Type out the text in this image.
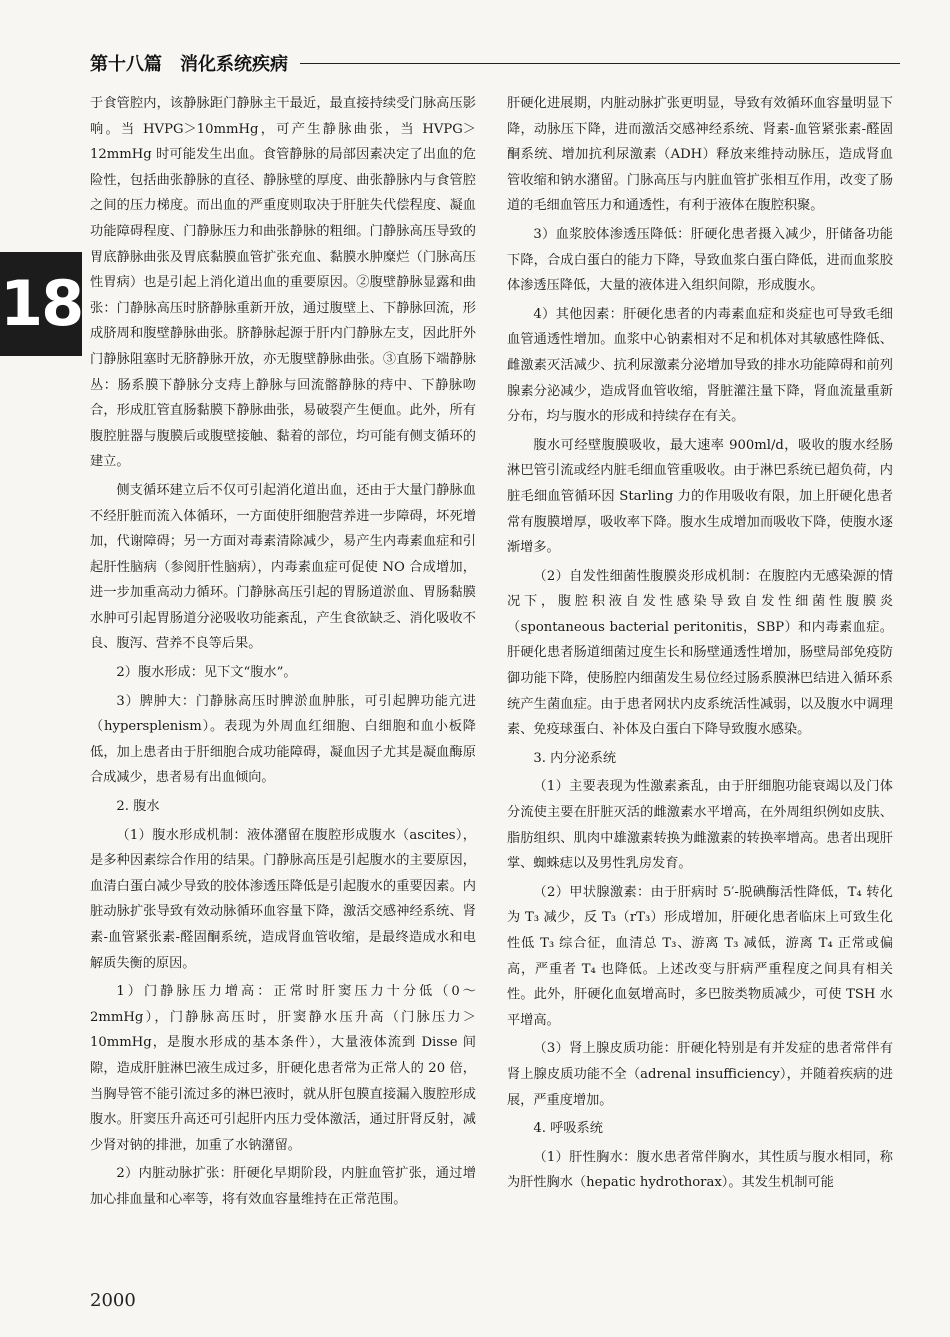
第十八篇 消化系统疾病
18

于食管腔内，该静脉距门静脉主干最近，最直接持续受门脉高压影响。当 HVPG＞10mmHg，可产生静脉曲张，当 HVPG＞12mmHg 时可能发生出血。食管静脉的局部因素决定了出血的危险性，包括曲张静脉的直径、静脉壁的厚度、曲张静脉内与食管腔之间的压力梯度。而出血的严重度则取决于肝脏失代偿程度、凝血功能障碍程度、门静脉压力和曲张静脉的粗细。门静脉高压导致的胃底静脉曲张及胃底黏膜血管扩张充血、黏膜水肿糜烂（门脉高压性胃病）也是引起上消化道出血的重要原因。②腹壁静脉显露和曲张：门静脉高压时脐静脉重新开放，通过腹壁上、下静脉回流，形成脐周和腹壁静脉曲张。脐静脉起源于肝内门静脉左支，因此肝外门静脉阻塞时无脐静脉开放，亦无腹壁静脉曲张。③直肠下端静脉丛：肠系膜下静脉分支痔上静脉与回流髂静脉的痔中、下静脉吻合，形成肛管直肠黏膜下静脉曲张，易破裂产生便血。此外，所有腹腔脏器与腹膜后或腹壁接触、黏着的部位，均可能有侧支循环的建立。

侧支循环建立后不仅可引起消化道出血，还由于大量门静脉血不经肝脏而流入体循环，一方面使肝细胞营养进一步障碍，坏死增加，代谢障碍；另一方面对毒素清除减少，易产生内毒素血症和引起肝性脑病（参阅肝性脑病），内毒素血症可促使 NO 合成增加，进一步加重高动力循环。门静脉高压引起的胃肠道淤血、胃肠黏膜水肿可引起胃肠道分泌吸收功能紊乱，产生食欲缺乏、消化吸收不良、腹泻、营养不良等后果。

2）腹水形成：见下文“腹水”。

3）脾肿大：门静脉高压时脾淤血肿胀，可引起脾功能亢进（hypersplenism）。表现为外周血红细胞、白细胞和血小板降低，加上患者由于肝细胞合成功能障碍，凝血因子尤其是凝血酶原合成减少，患者易有出血倾向。

2. 腹水

（1）腹水形成机制：液体潴留在腹腔形成腹水（ascites），是多种因素综合作用的结果。门静脉高压是引起腹水的主要原因，血清白蛋白减少导致的胶体渗透压降低是引起腹水的重要因素。内脏动脉扩张导致有效动脉循环血容量下降，激活交感神经系统、肾素-血管紧张素-醛固酮系统，造成肾血管收缩，是最终造成水和电解质失衡的原因。

1）门静脉压力增高：正常时肝窦压力十分低（0～2mmHg），门静脉高压时，肝窦静水压升高（门脉压力＞10mmHg，是腹水形成的基本条件），大量液体流到 Disse 间隙，造成肝脏淋巴液生成过多，肝硬化患者常为正常人的 20 倍，当胸导管不能引流过多的淋巴液时，就从肝包膜直接漏入腹腔形成腹水。肝窦压升高还可引起肝内压力受体激活，通过肝肾反射，减少肾对钠的排泄，加重了水钠潴留。

2）内脏动脉扩张：肝硬化早期阶段，内脏血管扩张，通过增加心排血量和心率等，将有效血容量维持在正常范围。

肝硬化进展期，内脏动脉扩张更明显，导致有效循环血容量明显下降，动脉压下降，进而激活交感神经系统、肾素-血管紧张素-醛固酮系统、增加抗利尿激素（ADH）释放来维持动脉压，造成肾血管收缩和钠水潴留。门脉高压与内脏血管扩张相互作用，改变了肠道的毛细血管压力和通透性，有利于液体在腹腔积聚。

3）血浆胶体渗透压降低：肝硬化患者摄入减少，肝储备功能下降，合成白蛋白的能力下降，导致血浆白蛋白降低，进而血浆胶体渗透压降低，大量的液体进入组织间隙，形成腹水。

4）其他因素：肝硬化患者的内毒素血症和炎症也可导致毛细血管通透性增加。血浆中心钠素相对不足和机体对其敏感性降低、雌激素灭活减少、抗利尿激素分泌增加导致的排水功能障碍和前列腺素分泌减少，造成肾血管收缩，肾脏灌注量下降，肾血流量重新分布，均与腹水的形成和持续存在有关。

腹水可经壁腹膜吸收，最大速率 900ml/d，吸收的腹水经肠淋巴管引流或经内脏毛细血管重吸收。由于淋巴系统已超负荷，内脏毛细血管循环因 Starling 力的作用吸收有限，加上肝硬化患者常有腹膜增厚，吸收率下降。腹水生成增加而吸收下降，使腹水逐渐增多。

（2）自发性细菌性腹膜炎形成机制：在腹腔内无感染源的情况下，腹腔积液自发性感染导致自发性细菌性腹膜炎（spontaneous bacterial peritonitis，SBP）和内毒素血症。肝硬化患者肠道细菌过度生长和肠壁通透性增加，肠壁局部免疫防御功能下降，使肠腔内细菌发生易位经过肠系膜淋巴结进入循环系统产生菌血症。由于患者网状内皮系统活性减弱，以及腹水中调理素、免疫球蛋白、补体及白蛋白下降导致腹水感染。

3. 内分泌系统

（1）主要表现为性激素紊乱，由于肝细胞功能衰竭以及门体分流使主要在肝脏灭活的雌激素水平增高，在外周组织例如皮肤、脂肪组织、肌肉中雄激素转换为雌激素的转换率增高。患者出现肝掌、蜘蛛痣以及男性乳房发育。

（2）甲状腺激素：由于肝病时 5′-脱碘酶活性降低，T₄ 转化为 T₃ 减少，反 T₃（rT₃）形成增加，肝硬化患者临床上可致生化性低 T₃ 综合征，血清总 T₃、游离 T₃ 减低，游离 T₄ 正常或偏高，严重者 T₄ 也降低。上述改变与肝病严重程度之间具有相关性。此外，肝硬化血氨增高时，多巴胺类物质减少，可使 TSH 水平增高。

（3）肾上腺皮质功能：肝硬化特别是有并发症的患者常伴有肾上腺皮质功能不全（adrenal insufficiency），并随着疾病的进展，严重度增加。

4. 呼吸系统

（1）肝性胸水：腹水患者常伴胸水，其性质与腹水相同，称为肝性胸水（hepatic hydrothorax）。其发生机制可能

2000
